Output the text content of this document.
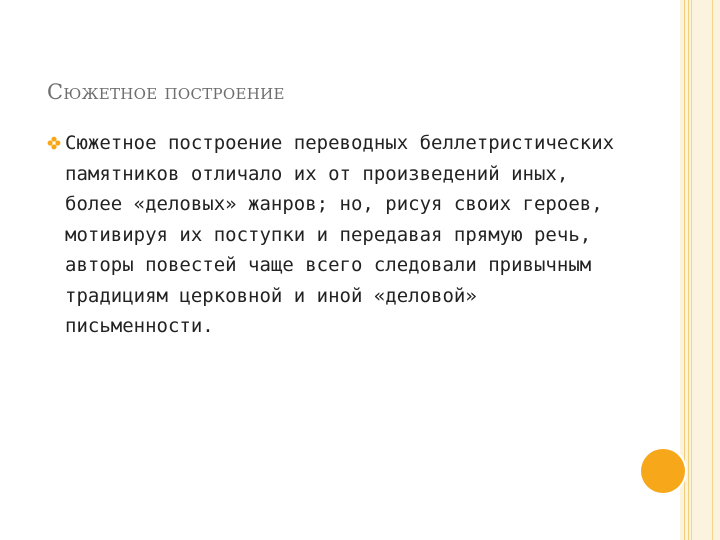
Сюжетное построение

Сюжетное построение переводных беллетристических памятников отличало их от произведений иных, более «деловых» жанров; но, рисуя своих героев, мотивируя их поступки и передавая прямую речь, авторы повестей чаще всего следовали привычным традициям церковной и иной «деловой» письменности.
